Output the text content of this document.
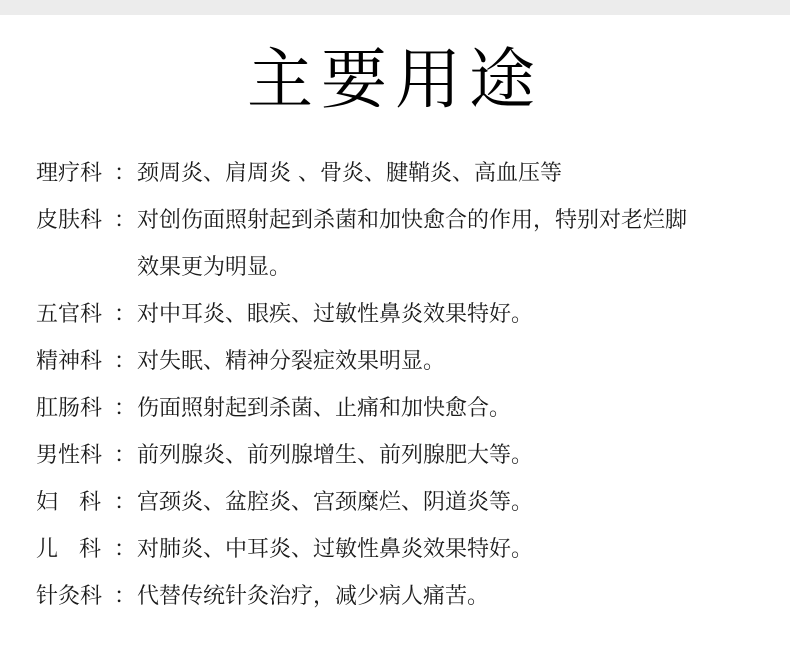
主要用途
理疗科 ： 颈周炎、肩周炎 、骨炎、腱鞘炎、高血压等
皮肤科 ： 对创伤面照射起到杀菌和加快愈合的作用，特别对老烂脚
效果更为明显。
五官科 ： 对中耳炎、眼疾、过敏性鼻炎效果特好。
精神科 ： 对失眠、精神分裂症效果明显。
肛肠科 ： 伤面照射起到杀菌、止痛和加快愈合。
男性科 ： 前列腺炎、前列腺增生、前列腺肥大等。
妇   科 ： 宫颈炎、盆腔炎、宫颈糜烂、阴道炎等。
儿   科 ： 对肺炎、中耳炎、过敏性鼻炎效果特好。
针灸科 ： 代替传统针灸治疗，减少病人痛苦。
